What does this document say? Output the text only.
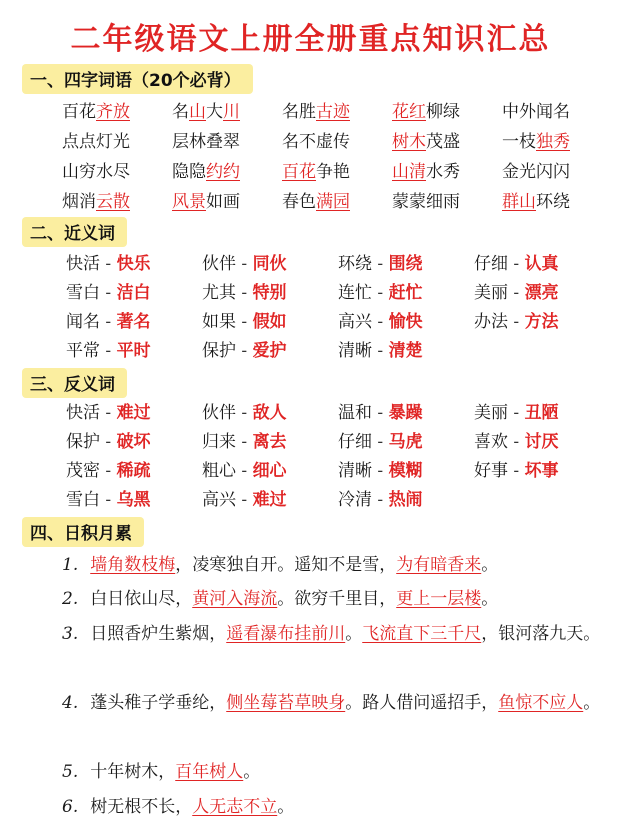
二年级语文上册全册重点知识汇总
一、四字词语（20个必背）
百花齐放 名山大川 名胜古迹 花红柳绿 中外闻名
点点灯光 层林叠翠 名不虚传 树木茂盛 一枝独秀
山穷水尽 隐隐约约 百花争艳 山清水秀 金光闪闪
烟消云散 风景如画 春色满园 蒙蒙细雨 群山环绕
二、近义词
快活 - 快乐	伙伴 - 同伙	环绕 - 围绕	仔细 - 认真
雪白 - 洁白	尤其 - 特别	连忙 - 赶忙	美丽 - 漂亮
闻名 - 著名	如果 - 假如	高兴 - 愉快	办法 - 方法
平常 - 平时	保护 - 爱护	清晰 - 清楚
三、反义词
快活 - 难过	伙伴 - 敌人	温和 - 暴躁	美丽 - 丑陋
保护 - 破坏	归来 - 离去	仔细 - 马虎	喜欢 - 讨厌
茂密 - 稀疏	粗心 - 细心	清晰 - 模糊	好事 - 坏事
雪白 - 乌黑	高兴 - 难过	冷清 - 热闹
四、日积月累
1. 墙角数枝梅，凌寒独自开。遥知不是雪，为有暗香来。
2. 白日依山尽，黄河入海流。欲穷千里目，更上一层楼。
3. 日照香炉生紫烟，遥看瀑布挂前川。飞流直下三千尺，银河落九天。
4. 蓬头稚子学垂纶，侧坐莓苔草映身。路人借问遥招手，鱼惊不应人。
5. 十年树木，百年树人。
6. 树无根不长，人无志不立。
